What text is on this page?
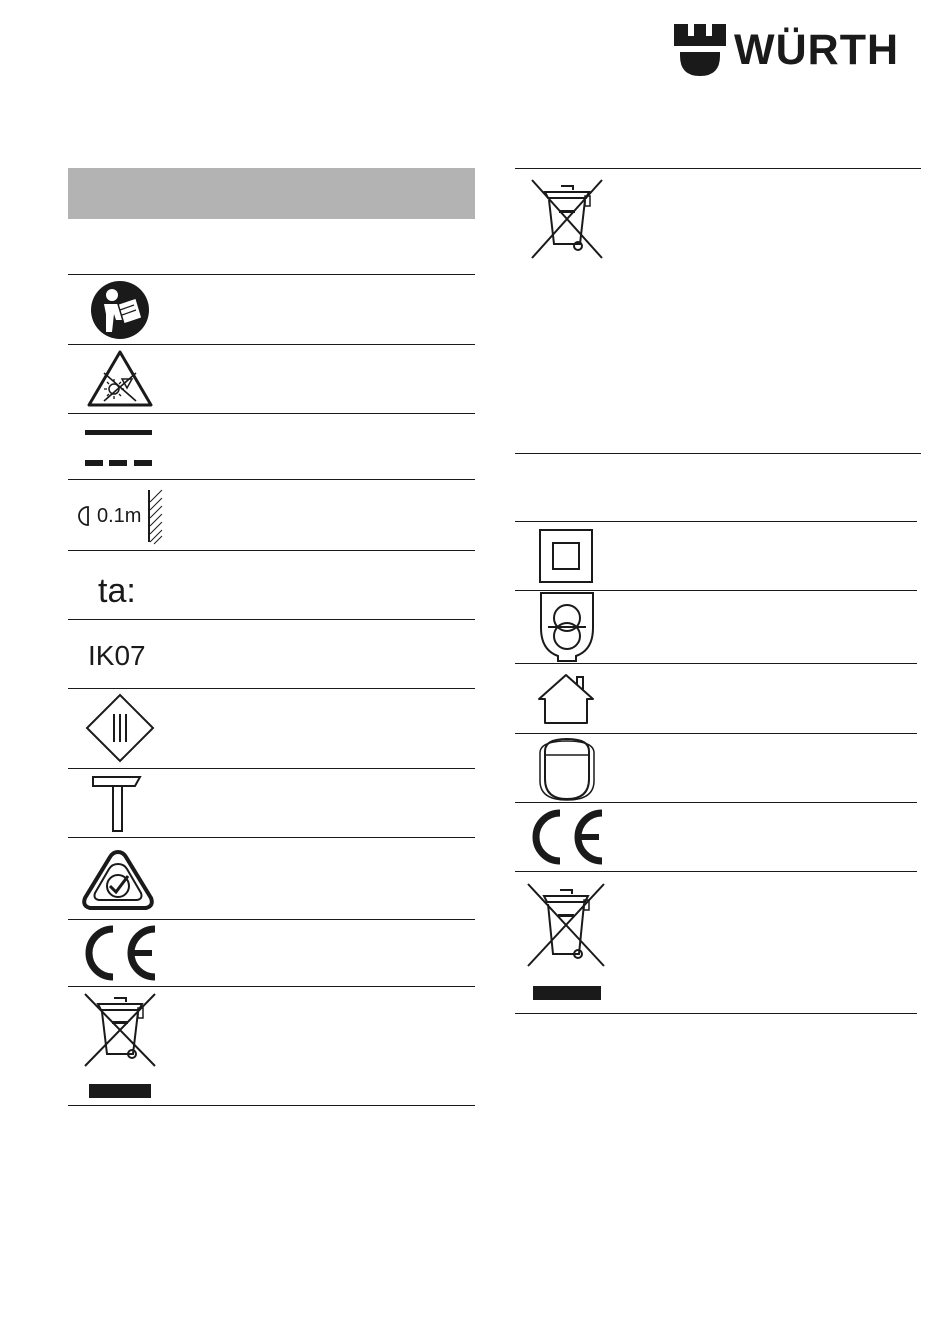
WÜRTH
0.1m
ta:
IK07
